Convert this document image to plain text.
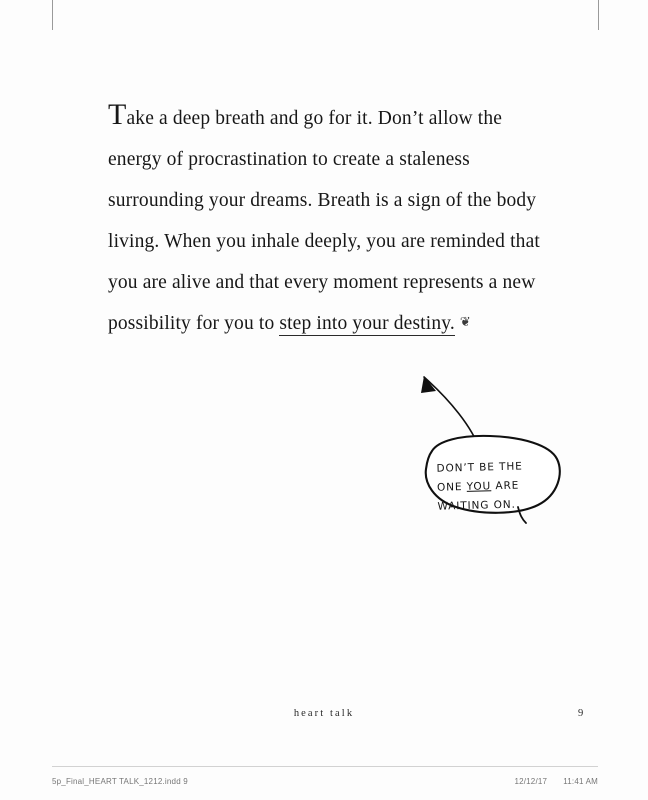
Take a deep breath and go for it. Don’t allow the energy of procrastination to create a staleness surrounding your dreams. Breath is a sign of the body living. When you inhale deeply, you are reminded that you are alive and that every moment represents a new possibility for you to step into your destiny. ❦
DON’T BE THE
ONE YOU ARE
WAITING ON.
heart talk	9
5p_Final_HEART TALK_1212.indd 9	12/12/17 11:41 AM
